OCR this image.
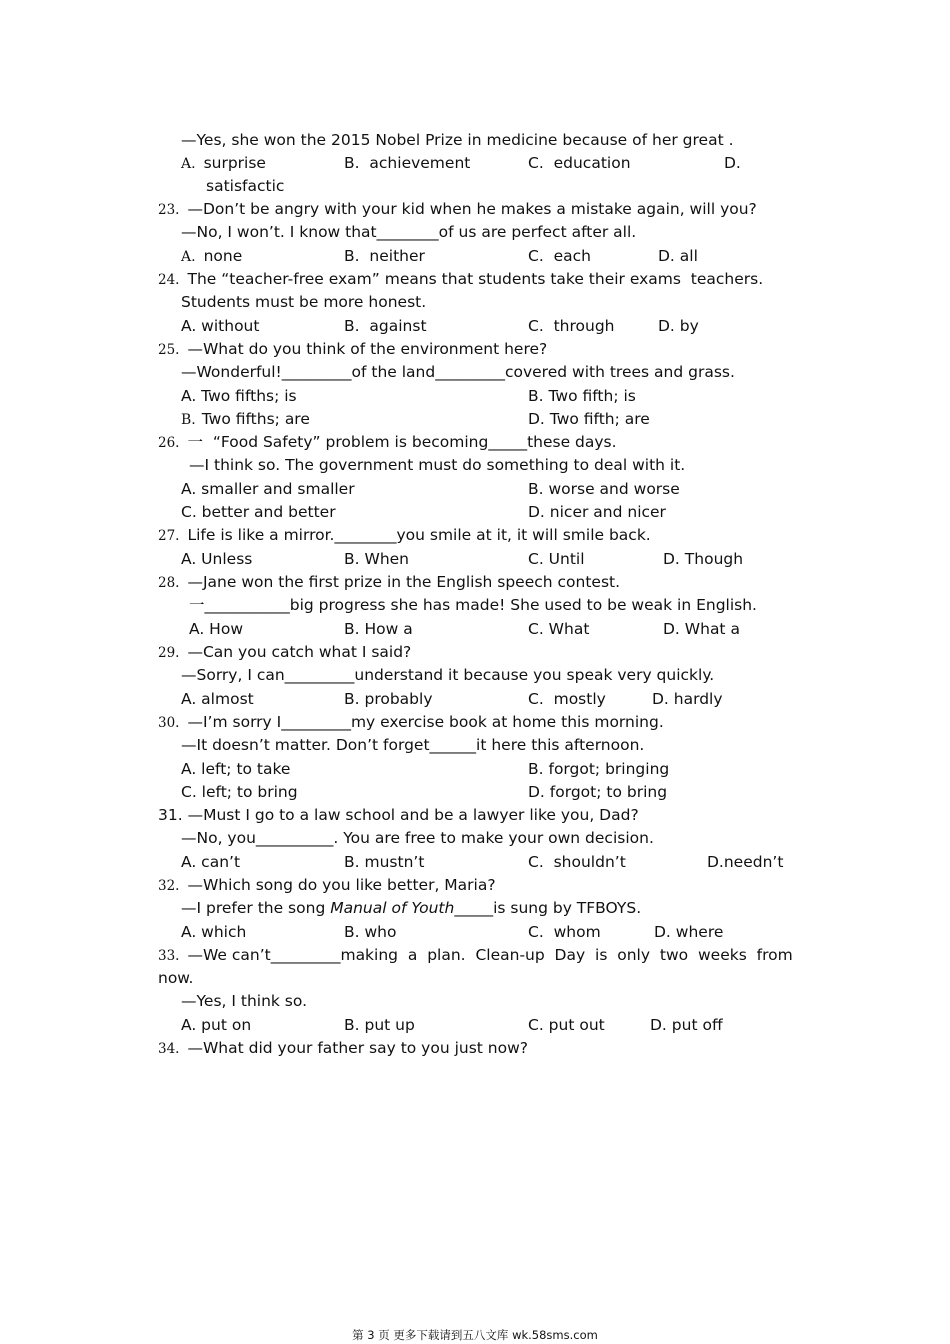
—Yes, she won the 2015 Nobel Prize in medicine because of her great .
A. surprise	B.  achievement	C.  education	D.
satisfactic
23. —Don’t be angry with your kid when he makes a mistake again, will you?
—No, I won’t. I know that________of us are perfect after all.
A. none	B.  neither	C.  each	D. all
24. The “teacher-free exam” means that students take their exams  teachers.
Students must be more honest.
A. without	B.  against	C.  through	D. by
25. —What do you think of the environment here?
—Wonderful!_________of the land_________covered with trees and grass.
A. Two fifths; is	B. Two fifth; is
B. Two fifths; are	D. Two fifth; are
26. 一  “Food Safety” problem is becoming_____these days.
—I think so. The government must do something to deal with it.
A. smaller and smaller	B. worse and worse
C. better and better	D. nicer and nicer
27. Life is like a mirror.________you smile at it, it will smile back.
A. Unless	B. When	C. Until	D. Though
28. —Jane won the first prize in the English speech contest.
一___________big progress she has made! She used to be weak in English.
A. How	B. How a	C. What	D. What a
29. —Can you catch what I said?
—Sorry, I can_________understand it because you speak very quickly.
A. almost	B. probably	C.  mostly	D. hardly
30. —I’m sorry I_________my exercise book at home this morning.
—It doesn’t matter. Don’t forget______it here this afternoon.
A. left; to take	B. forgot; bringing
C. left; to bring	D. forgot; to bring
31. —Must I go to a law school and be a lawyer like you, Dad?
—No, you__________. You are free to make your own decision.
A. can’t	B. mustn’t	C.  shouldn’t	D.needn’t
32. —Which song do you like better, Maria?
—I prefer the song Manual of Youth_____is sung by TFBOYS.
A. which	B. who	C.  whom	D. where
33. —We can’t_________making  a  plan.  Clean-up  Day  is  only  two  weeks  from
now.
—Yes, I think so.
A. put on	B. put up	C. put out	D. put off
34. —What did your father say to you just now?
第 3 页 更多下载请到五八文库 wk.58sms.com
